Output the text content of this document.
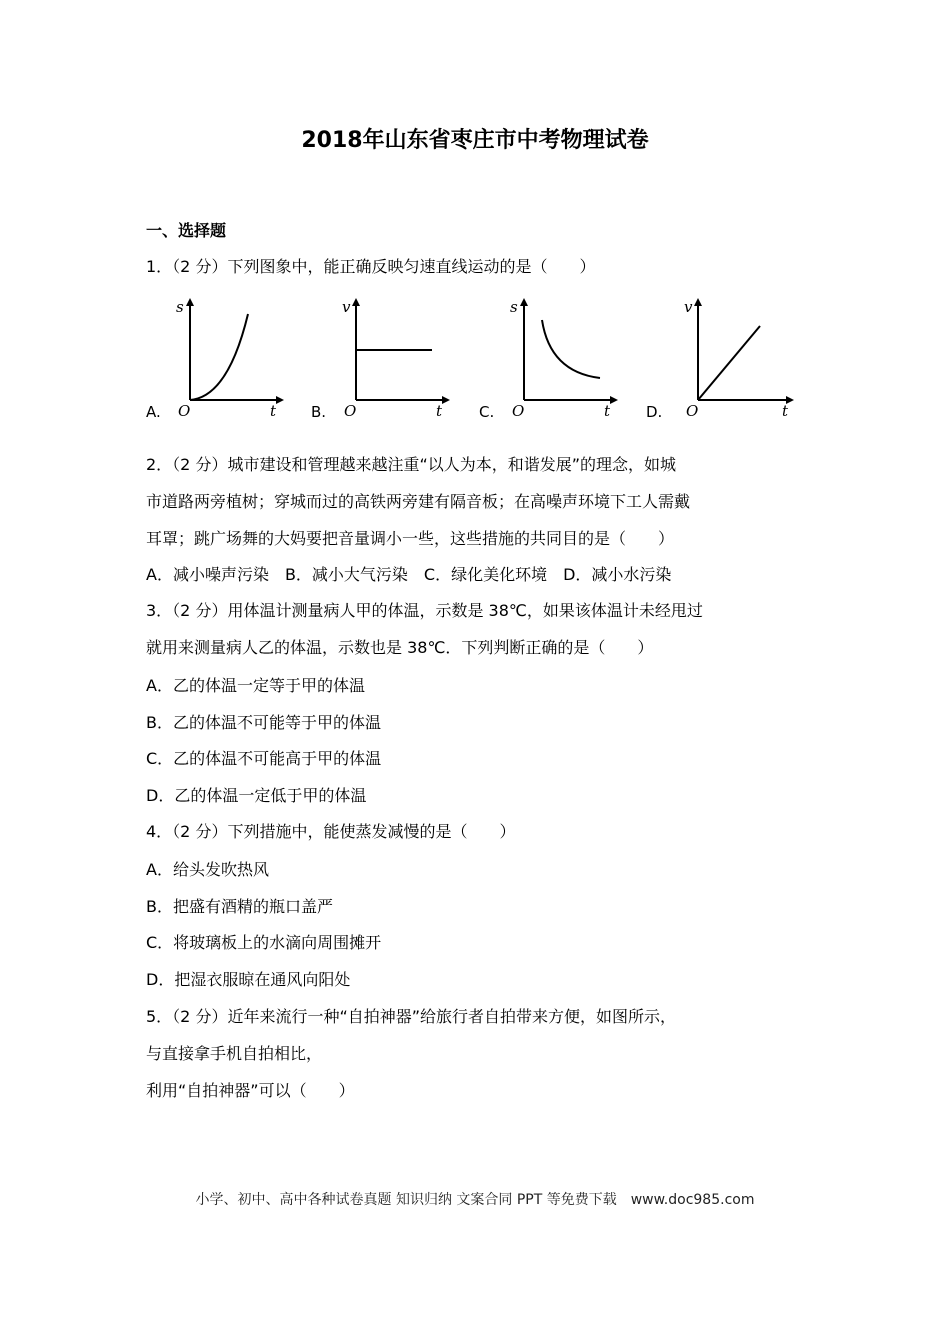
2018年山东省枣庄市中考物理试卷
一、选择题
1．（2 分）下列图象中，能正确反映匀速直线运动的是（　　）
A.
s
t
O	B.
v
t
O	C.
s
t
O	D.
v
t
O
2．（2 分）城市建设和管理越来越注重“以人为本，和谐发展”的理念，如城
市道路两旁植树；穿城而过的高铁两旁建有隔音板；在高噪声环境下工人需戴
耳罩；跳广场舞的大妈要把音量调小一些，这些措施的共同目的是（　　）
A．减小噪声污染　B．减小大气污染　C．绿化美化环境　D．减小水污染
3．（2 分）用体温计测量病人甲的体温，示数是 38℃，如果该体温计未经甩过
就用来测量病人乙的体温，示数也是 38℃．下列判断正确的是（　　）
A．乙的体温一定等于甲的体温
B．乙的体温不可能等于甲的体温
C．乙的体温不可能高于甲的体温
D．乙的体温一定低于甲的体温
4．（2 分）下列措施中，能使蒸发减慢的是（　　）
A．给头发吹热风
B．把盛有酒精的瓶口盖严
C．将玻璃板上的水滴向周围摊开
D．把湿衣服晾在通风向阳处
5．（2 分）近年来流行一种“自拍神器”给旅行者自拍带来方便，如图所示，
与直接拿手机自拍相比，
利用“自拍神器”可以（　　）
小学、初中、高中各种试卷真题 知识归纳 文案合同 PPT 等免费下载　www.doc985.com
